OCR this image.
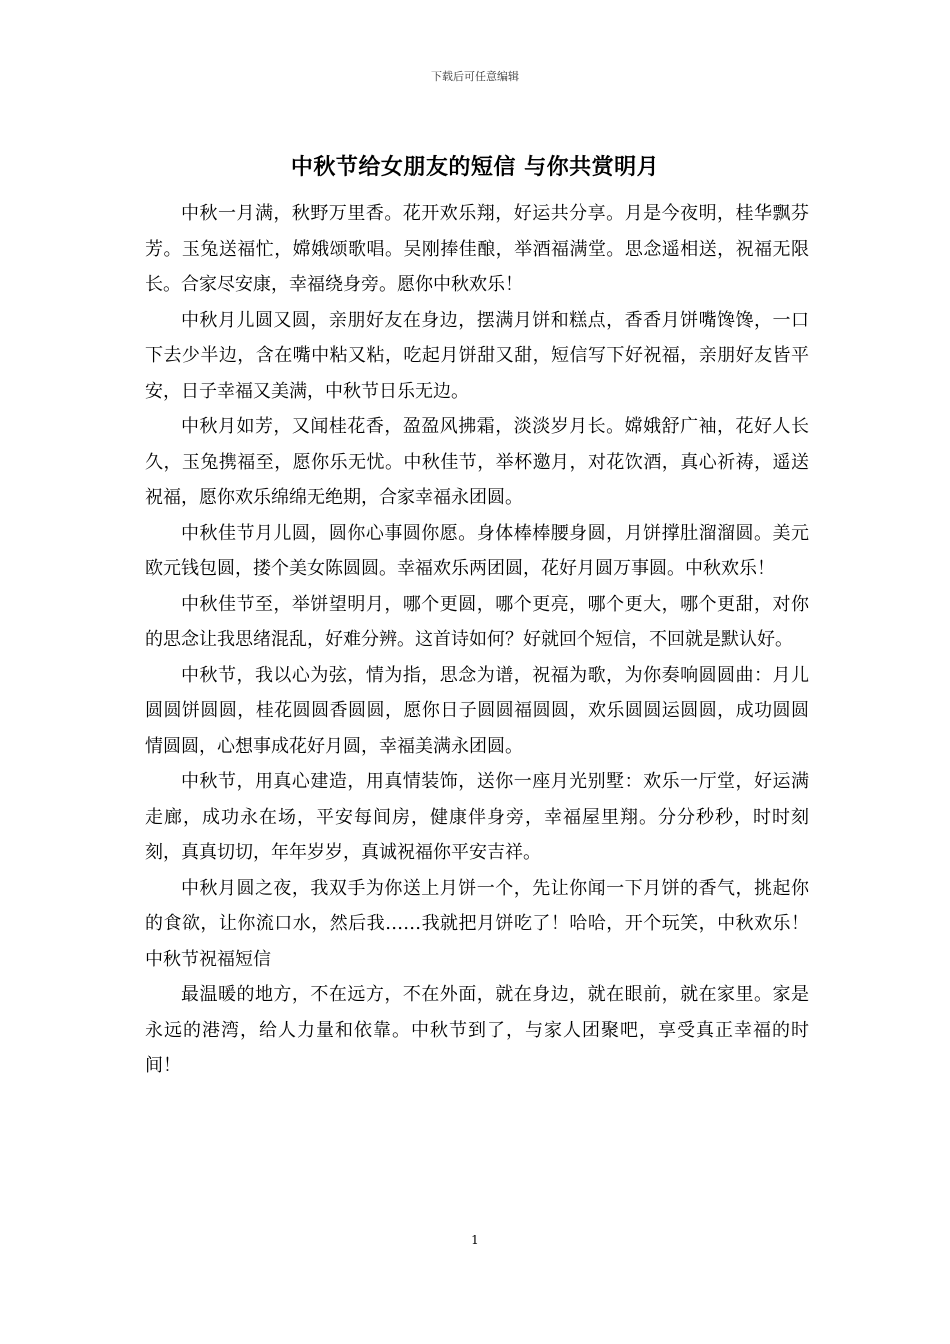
下载后可任意编辑
中秋节给女朋友的短信 与你共赏明月

中秋一月满，秋野万里香。花开欢乐翔，好运共分享。月是今夜明，桂华飘芬芳。玉兔送福忙，嫦娥颂歌唱。吴刚捧佳酿，举酒福满堂。思念遥相送，祝福无限长。合家尽安康，幸福绕身旁。愿你中秋欢乐！

中秋月儿圆又圆，亲朋好友在身边，摆满月饼和糕点，香香月饼嘴馋馋，一口下去少半边，含在嘴中粘又粘，吃起月饼甜又甜，短信写下好祝福，亲朋好友皆平安，日子幸福又美满，中秋节日乐无边。

中秋月如芳，又闻桂花香，盈盈风拂霜，淡淡岁月长。嫦娥舒广袖，花好人长久，玉兔携福至，愿你乐无忧。中秋佳节，举杯邀月，对花饮酒，真心祈祷，遥送祝福，愿你欢乐绵绵无绝期，合家幸福永团圆。

中秋佳节月儿圆，圆你心事圆你愿。身体棒棒腰身圆，月饼撑肚溜溜圆。美元欧元钱包圆，搂个美女陈圆圆。幸福欢乐两团圆，花好月圆万事圆。中秋欢乐！

中秋佳节至，举饼望明月，哪个更圆，哪个更亮，哪个更大，哪个更甜，对你的思念让我思绪混乱，好难分辨。这首诗如何？好就回个短信，不回就是默认好。

中秋节，我以心为弦，情为指，思念为谱，祝福为歌，为你奏响圆圆曲：月儿圆圆饼圆圆，桂花圆圆香圆圆，愿你日子圆圆福圆圆，欢乐圆圆运圆圆，成功圆圆情圆圆，心想事成花好月圆，幸福美满永团圆。

中秋节，用真心建造，用真情装饰，送你一座月光别墅：欢乐一厅堂，好运满走廊，成功永在场，平安每间房，健康伴身旁，幸福屋里翔。分分秒秒，时时刻刻，真真切切，年年岁岁，真诚祝福你平安吉祥。

中秋月圆之夜，我双手为你送上月饼一个，先让你闻一下月饼的香气，挑起你的食欲，让你流口水，然后我……我就把月饼吃了！哈哈，开个玩笑，中秋欢乐！中秋节祝福短信

最温暖的地方，不在远方，不在外面，就在身边，就在眼前，就在家里。家是永远的港湾，给人力量和依靠。中秋节到了，与家人团聚吧，享受真正幸福的时间！

1
